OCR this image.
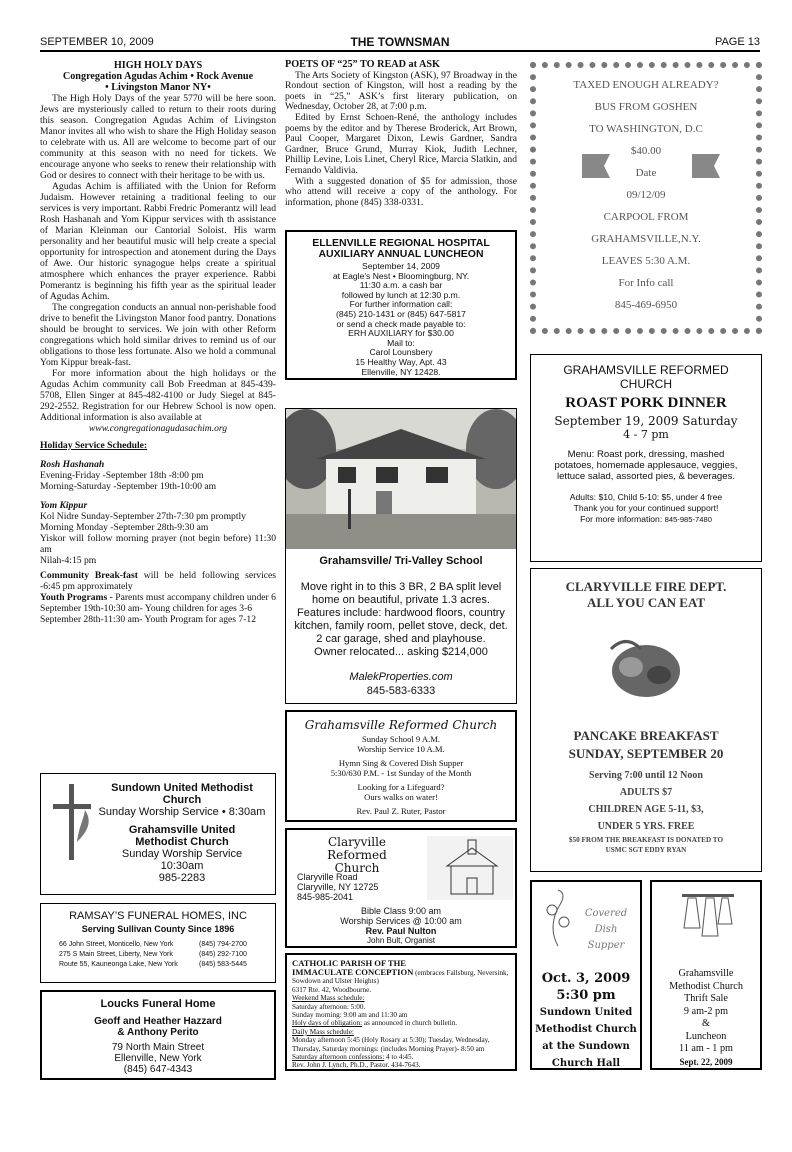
SEPTEMBER 10, 2009	THE TOWNSMAN	PAGE 13
HIGH HOLY DAYS
Congregation Agudas Achim • Rock Avenue
• Livingston Manor NY•

The High Holy Days of the year 5770 will be here soon. Jews are mysteriously called to return to their roots during this season. Congregation Agudas Achim of Livingston Manor invites all who wish to share the High Holiday season to celebrate with us. All are welcome to become part of our community at this season with no need for tickets. We encourage anyone who seeks to renew their relationship with God or desires to connect with their heritage to be with us.

Agudas Achim is affiliated with the Union for Reform Judaism. However retaining a traditional feeling to our services is very important. Rabbi Fredric Pomerantz will lead Rosh Hashanah and Yom Kippur services with th assistance of Marian Kleinman our Cantorial Soloist. His warm personality and her beautiful music will help create a special opportunity for introspection and atonement during the Days of Awe. Our historic synagogue helps create a spiritual atmosphere which enhances the prayer experience. Rabbi Pomerantz is beginning his fifth year as the spiritual leader of Agudas Achim.

The congregation conducts an annual non-perishable food drive to benefit the Livingston Manor food pantry. Donations should be brought to services. We join with other Reform congregations which hold similar drives to remind us of our obligations to those less fortunate. Also we hold a communal Yom Kippur break-fast.

For more information about the high holidays or the Agudas Achim community call Bob Freedman at 845-439-5708, Ellen Singer at 845-482-4100 or Judy Siegel at 845-292-2552. Registration for our Hebrew School is now open. Additional information is also available at

www.congregationagudasachim.org

Holiday Service Schedule:
Rosh Hashanah
Evening-Friday -September 18th -8:00 pm
Morning-Saturday -September 19th-10:00 am
Yom Kippur
Kol Nidre Sunday-September 27th-7:30 pm promptly
Morning Monday -September 28th-9:30 am
Yiskor will follow morning prayer (not begin before) 11:30 am
Nilah-4:15 pm
Community Break-fast will be held following services -6:45 pm approximately
Youth Programs - Parents must accompany children under 6
September 19th-10:30 am- Young children for ages 3-6
September 28th-11:30 am- Youth Program for ages 7-12
Sundown United Methodist
Church
Sunday Worship Service • 8:30am
Grahamsville United
Methodist Church
Sunday Worship Service
10:30am
985-2283
RAMSAY’S FUNERAL HOMES, INC
Serving Sullivan County Since 1896
66 John Street, Monticello, New York	(845) 794-2700
275 S Main Street, Liberty, New York	(845) 292-7100
Route 55, Kauneonga Lake, New York	(845) 583-5445
Loucks Funeral Home
Geoff and Heather Hazzard
& Anthony Perito
79 North Main Street
Ellenville, New York
(845) 647-4343
POETS OF “25” TO READ at ASK

The Arts Society of Kingston (ASK), 97 Broadway in the Rondout section of Kingston, will host a reading by the poets in “25,” ASK’s first literary publication, on Wednesday, October 28, at 7:00 p.m.

Edited by Ernst Schoen-René, the anthology includes poems by the editor and by Therese Broderick, Art Brown, Paul Cooper, Margaret Dixon, Lewis Gardner, Sandra Gardner, Bruce Grund, Murray Kiok, Judith Lechner, Phillip Levine, Lois Linet, Cheryl Rice, Marcia Slatkin, and Fernando Valdivia.

With a suggested donation of $5 for admission, those who attend will receive a copy of the anthology. For information, phone (845) 338-0331.

ELLENVILLE REGIONAL HOSPITAL
AUXILIARY ANNUAL LUNCHEON
September 14, 2009
at Eagle's Nest • Bloomingburg, NY.
11:30 a.m. a cash bar
followed by lunch at 12:30 p.m.
For further information call:
(845) 210-1431 or (845) 647-5817
or send a check made payable to:
ERH AUXILIARY for $30.00
Mail to:
Carol Lounsbery
15 Healthy Way, Apt. 43
Ellenville, NY 12428.
Grahamsville/ Tri-Valley School
Move right in to this 3 BR, 2 BA split level
home on beautiful, private 1.3 acres.
Features include: hardwood floors, country
kitchen, family room, pellet stove, deck, det.
2 car garage, shed and playhouse.
Owner relocated... asking $214,000
MalekProperties.com
845-583-6333
Grahamsville Reformed Church
Sunday School 9 A.M.
Worship Service 10 A.M.
Hymn Sing & Covered Dish Supper
5:30/630 P.M. - 1st Sunday of the Month
Looking for a Lifeguard?
Ours walks on water!
Rev. Paul Z. Ruter, Pastor
Claryville Reformed
Church
Claryville Road
Claryville, NY 12725
845-985-2041
Bible Class 9:00 am
Worship Services @ 10:00 am
Rev. Paul Nulton
John Bult, Organist
CATHOLIC PARISH OF THE
IMMACULATE CONCEPTION (embraces Fallsburg, Neversink, Sowdown and Ulster Heights)
6317 Rte. 42, Woodbourne.
Weekend Mass schedule:
Saturday afternoon: 5:00.
Sunday morning: 9:00 am and 11:30 am
Holy days of obligation: as announced in church bulletin.
Daily Mass schedule:
Monday afternoon 5:45 (Holy Rosary at 5:30); Tuesday, Wednesday, Thursday, Saturday mornings: (includes Morning Prayer)- 8:50 am
Saturday afternoon confessions: 4 to 4:45.
Rev. John J. Lynch, Ph.D., Pastor. 434-7643.
TAXED ENOUGH ALREADY?
BUS FROM GOSHEN
TO WASHINGTON, D.C
$40.00
Date
09/12/09
CARPOOL FROM
GRAHAMSVILLE,N.Y.
LEAVES 5:30 A.M.
For Info call
845-469-6950
GRAHAMSVILLE REFORMED
CHURCH
ROAST PORK DINNER
September 19, 2009 Saturday
4 - 7 pm
Menu: Roast pork, dressing, mashed
potatoes, homemade applesauce, veggies,
lettuce salad, assorted pies, & beverages.
Adults: $10, Child 5-10: $5, under 4 free
Thank you for your continued support!
For more information: 845-985-7480
CLARYVILLE FIRE DEPT.
ALL YOU CAN EAT
PANCAKE BREAKFAST
SUNDAY, SEPTEMBER 20
Serving 7:00 until 12 Noon
ADULTS $7
CHILDREN AGE 5-11, $3,
UNDER 5 YRS. FREE
$50 FROM THE BREAKFAST IS DONATED TO
USMC SGT EDDY RYAN
Covered
Dish
Supper
Oct. 3, 2009
5:30 pm
Sundown United
Methodist Church
at the Sundown
Church Hall
Grahamsville
Methodist Church
Thrift Sale
9 am-2 pm
&
Luncheon
11 am - 1 pm
Sept. 22, 2009
